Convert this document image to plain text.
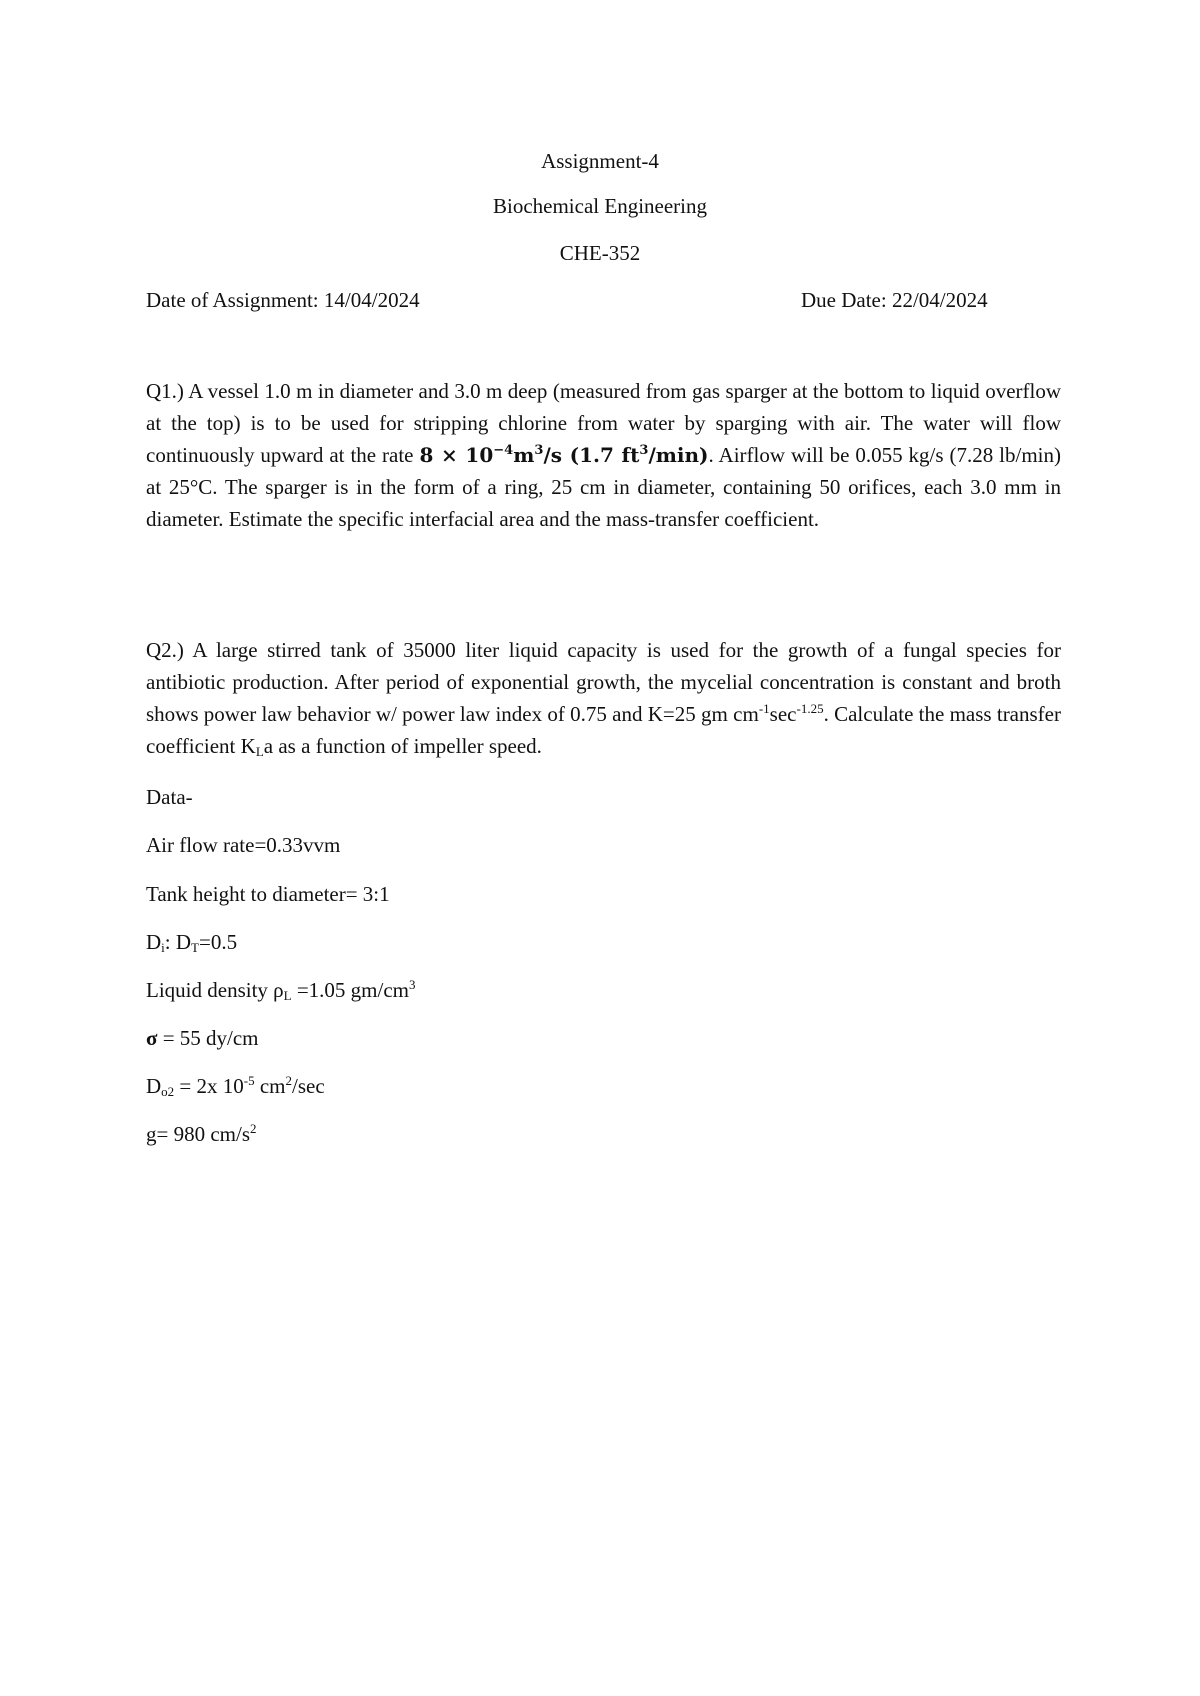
Assignment-4
Biochemical Engineering
CHE-352
Date of Assignment: 14/04/2024	Due Date: 22/04/2024
Q1.) A vessel 1.0 m in diameter and 3.0 m deep (measured from gas sparger at the bottom to liquid overflow at the top) is to be used for stripping chlorine from water by sparging with air. The water will flow continuously upward at the rate $8 \times 10^{-4}m^3/s$ (1.7 $ft^3/\min$). Airflow will be 0.055 kg/s (7.28 lb/min) at 25°C. The sparger is in the form of a ring, 25 cm in diameter, containing 50 orifices, each 3.0 mm in diameter. Estimate the specific interfacial area and the mass-transfer coefficient.
Q2.) A large stirred tank of 35000 liter liquid capacity is used for the growth of a fungal species for antibiotic production. After period of exponential growth, the mycelial concentration is constant and broth shows power law behavior w/ power law index of 0.75 and K=25 gm $cm^{-1}\sec^{-1.25}$. Calculate the mass transfer coefficient $K_La$ as a function of impeller speed.
Data-
Air flow rate=0.33vvm
Tank height to diameter= 3:1
$D_i$: $D_T=0.5$
Liquid density $\rho_L =1.05$ $gm/cm^3$
σ = 55 dy/cm
$D_{o2} = 2x$ $10^{-5}$ $cm^2/\sec$
g= 980 $cm/s^2$
